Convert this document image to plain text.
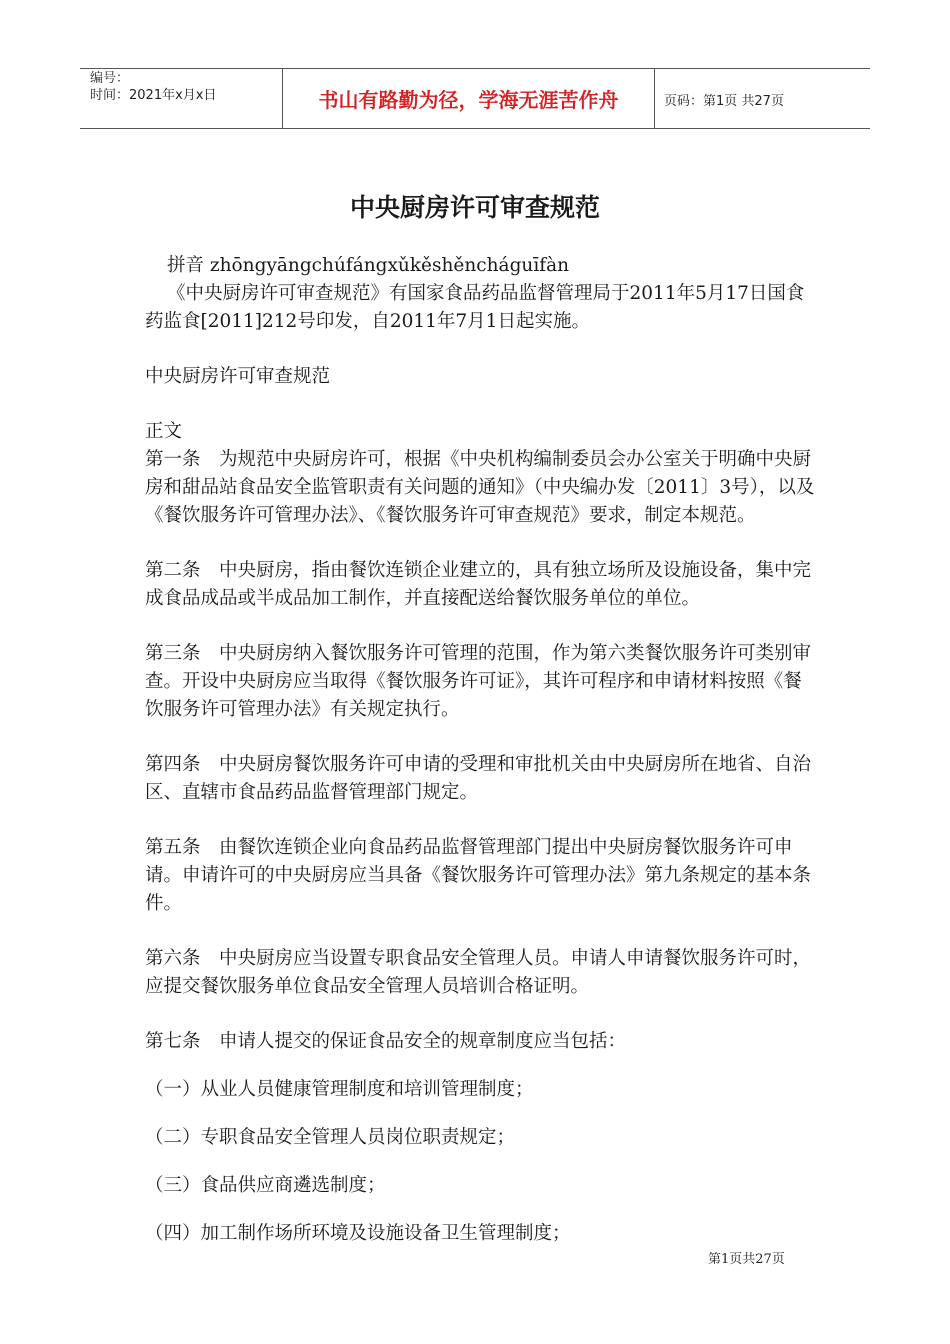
编号：
时间：2021年x月x日	书山有路勤为径，学海无涯苦作舟	页码：第1页 共27页
中央厨房许可审查规范

拼音 zhōngyāngchúfángxǔkěshěncháguīfàn

《中央厨房许可审查规范》有国家食品药品监督管理局于2011年5月17日国食药监食[2011]212号印发，自2011年7月1日起实施。

中央厨房许可审查规范

正文

第一条　为规范中央厨房许可，根据《中央机构编制委员会办公室关于明确中央厨房和甜品站食品安全监管职责有关问题的通知》（中央编办发〔2011〕3号），以及《餐饮服务许可管理办法》、《餐饮服务许可审查规范》要求，制定本规范。

第二条　中央厨房，指由餐饮连锁企业建立的，具有独立场所及设施设备，集中完成食品成品或半成品加工制作，并直接配送给餐饮服务单位的单位。

第三条　中央厨房纳入餐饮服务许可管理的范围，作为第六类餐饮服务许可类别审查。开设中央厨房应当取得《餐饮服务许可证》，其许可程序和申请材料按照《餐饮服务许可管理办法》有关规定执行。

第四条　中央厨房餐饮服务许可申请的受理和审批机关由中央厨房所在地省、自治区、直辖市食品药品监督管理部门规定。

第五条　由餐饮连锁企业向食品药品监督管理部门提出中央厨房餐饮服务许可申请。申请许可的中央厨房应当具备《餐饮服务许可管理办法》第九条规定的基本条件。

第六条　中央厨房应当设置专职食品安全管理人员。申请人申请餐饮服务许可时，应提交餐饮服务单位食品安全管理人员培训合格证明。

第七条　申请人提交的保证食品安全的规章制度应当包括：

（一）从业人员健康管理制度和培训管理制度；

（二）专职食品安全管理人员岗位职责规定；

（三）食品供应商遴选制度；

（四）加工制作场所环境及设施设备卫生管理制度；

第1页共27页
